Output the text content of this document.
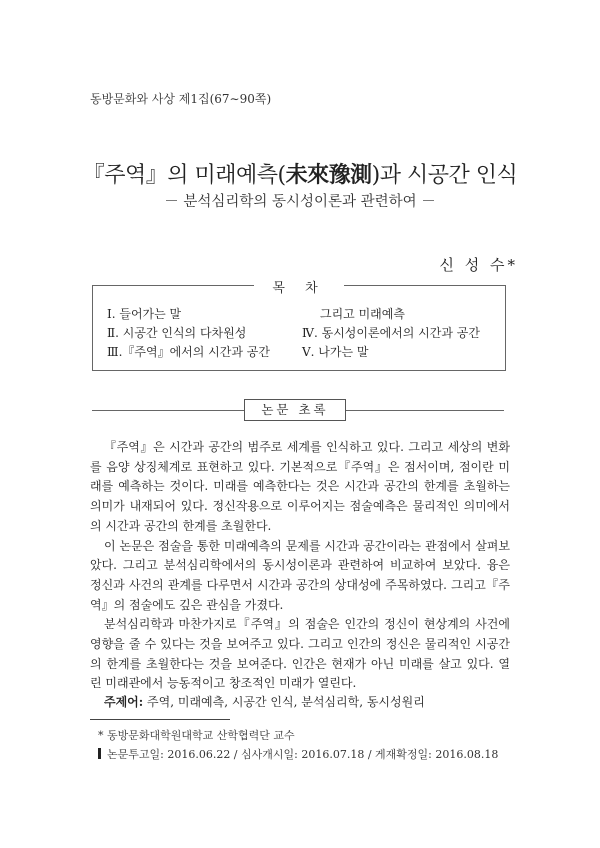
동방문화와 사상 제1집(67∼90쪽)
『주역』의 미래예측(未來豫測)과 시공간 인식
－ 분석심리학의 동시성이론과 관련하여 －
신 성 수*
목 차
Ⅰ. 들어가는 말
Ⅱ. 시공간 인식의 다차원성
Ⅲ.『주역』에서의 시간과 공간
그리고 미래예측
Ⅳ. 동시성이론에서의 시간과 공간
Ⅴ. 나가는 말
논문 초록

『주역』은 시간과 공간의 범주로 세계를 인식하고 있다. 그리고 세상의 변화를 음양 상징체계로 표현하고 있다. 기본적으로『주역』은 점서이며, 점이란 미래를 예측하는 것이다. 미래를 예측한다는 것은 시간과 공간의 한계를 초월하는 의미가 내재되어 있다. 정신작용으로 이루어지는 점술예측은 물리적인 의미에서의 시간과 공간의 한계를 초월한다.

이 논문은 점술을 통한 미래예측의 문제를 시간과 공간이라는 관점에서 살펴보았다. 그리고 분석심리학에서의 동시성이론과 관련하여 비교하여 보았다. 융은 정신과 사건의 관계를 다루면서 시간과 공간의 상대성에 주목하였다. 그리고『주역』의 점술에도 깊은 관심을 가졌다.

분석심리학과 마찬가지로『주역』의 점술은 인간의 정신이 현상계의 사건에 영향을 줄 수 있다는 것을 보여주고 있다. 그리고 인간의 정신은 물리적인 시공간의 한계를 초월한다는 것을 보여준다. 인간은 현재가 아닌 미래를 살고 있다. 열린 미래관에서 능동적이고 창조적인 미래가 열린다.

주제어: 주역, 미래예측, 시공간 인식, 분석심리학, 동시성원리
* 동방문화대학원대학교 산학협력단 교수
논문투고일: 2016.06.22 / 심사개시일: 2016.07.18 / 게재확정일: 2016.08.18
